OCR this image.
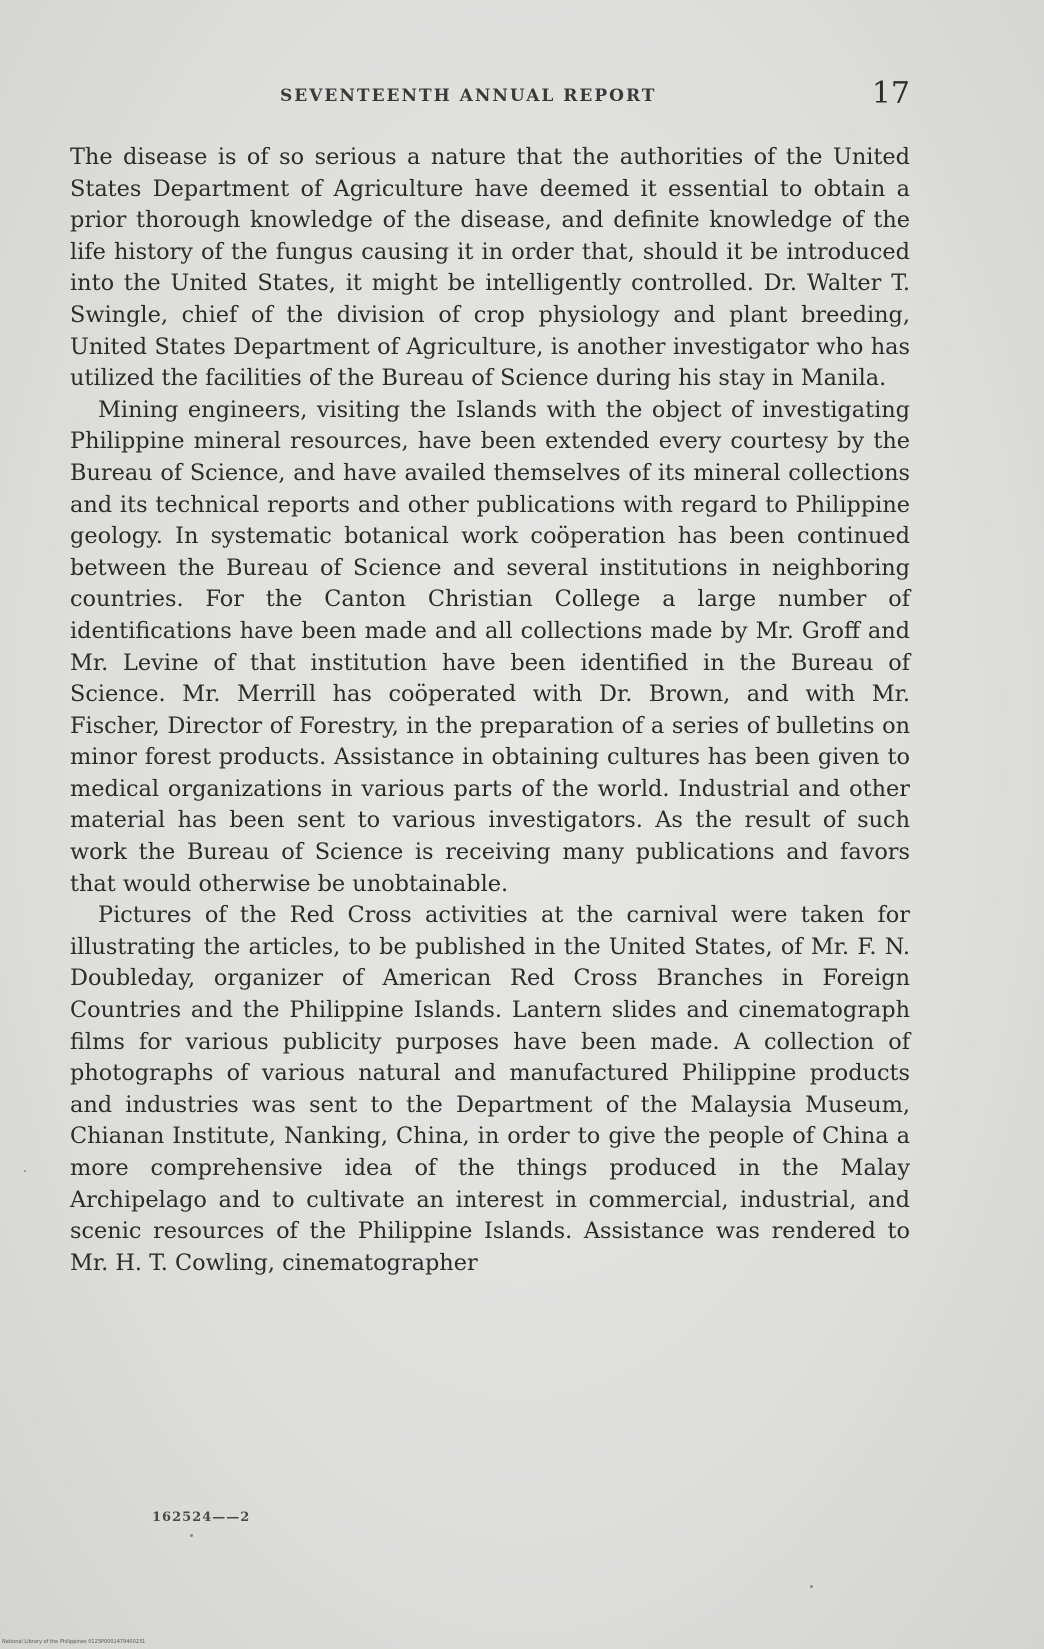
SEVENTEENTH ANNUAL REPORT	17

The disease is of so serious a nature that the authorities of the United States Department of Agriculture have deemed it essential to obtain a prior thorough knowledge of the disease, and definite knowledge of the life history of the fungus causing it in order that, should it be introduced into the United States, it might be intelligently controlled. Dr. Walter T. Swingle, chief of the division of crop physiology and plant breeding, United States Department of Agriculture, is another investigator who has utilized the facilities of the Bureau of Science during his stay in Manila.

Mining engineers, visiting the Islands with the object of investigating Philippine mineral resources, have been extended every courtesy by the Bureau of Science, and have availed themselves of its mineral collections and its technical reports and other publications with regard to Philippine geology. In systematic botanical work coöperation has been continued between the Bureau of Science and several institutions in neighboring countries. For the Canton Christian College a large number of identifications have been made and all collections made by Mr. Groff and Mr. Levine of that institution have been identified in the Bureau of Science. Mr. Merrill has coöperated with Dr. Brown, and with Mr. Fischer, Director of Forestry, in the preparation of a series of bulletins on minor forest products. Assistance in obtaining cultures has been given to medical organizations in various parts of the world. Industrial and other material has been sent to various investigators. As the result of such work the Bureau of Science is receiving many publications and favors that would otherwise be unobtainable.

Pictures of the Red Cross activities at the carnival were taken for illustrating the articles, to be published in the United States, of Mr. F. N. Doubleday, organizer of American Red Cross Branches in Foreign Countries and the Philippine Islands. Lantern slides and cinematograph films for various publicity purposes have been made. A collection of photographs of various natural and manufactured Philippine products and industries was sent to the Department of the Malaysia Museum, Chianan Institute, Nanking, China, in order to give the people of China a more comprehensive idea of the things produced in the Malay Archipelago and to cultivate an interest in commercial, industrial, and scenic resources of the Philippine Islands. Assistance was rendered to Mr. H. T. Cowling, cinematographer

162524——2
National Library of the Philippines 0123P0001479400231
